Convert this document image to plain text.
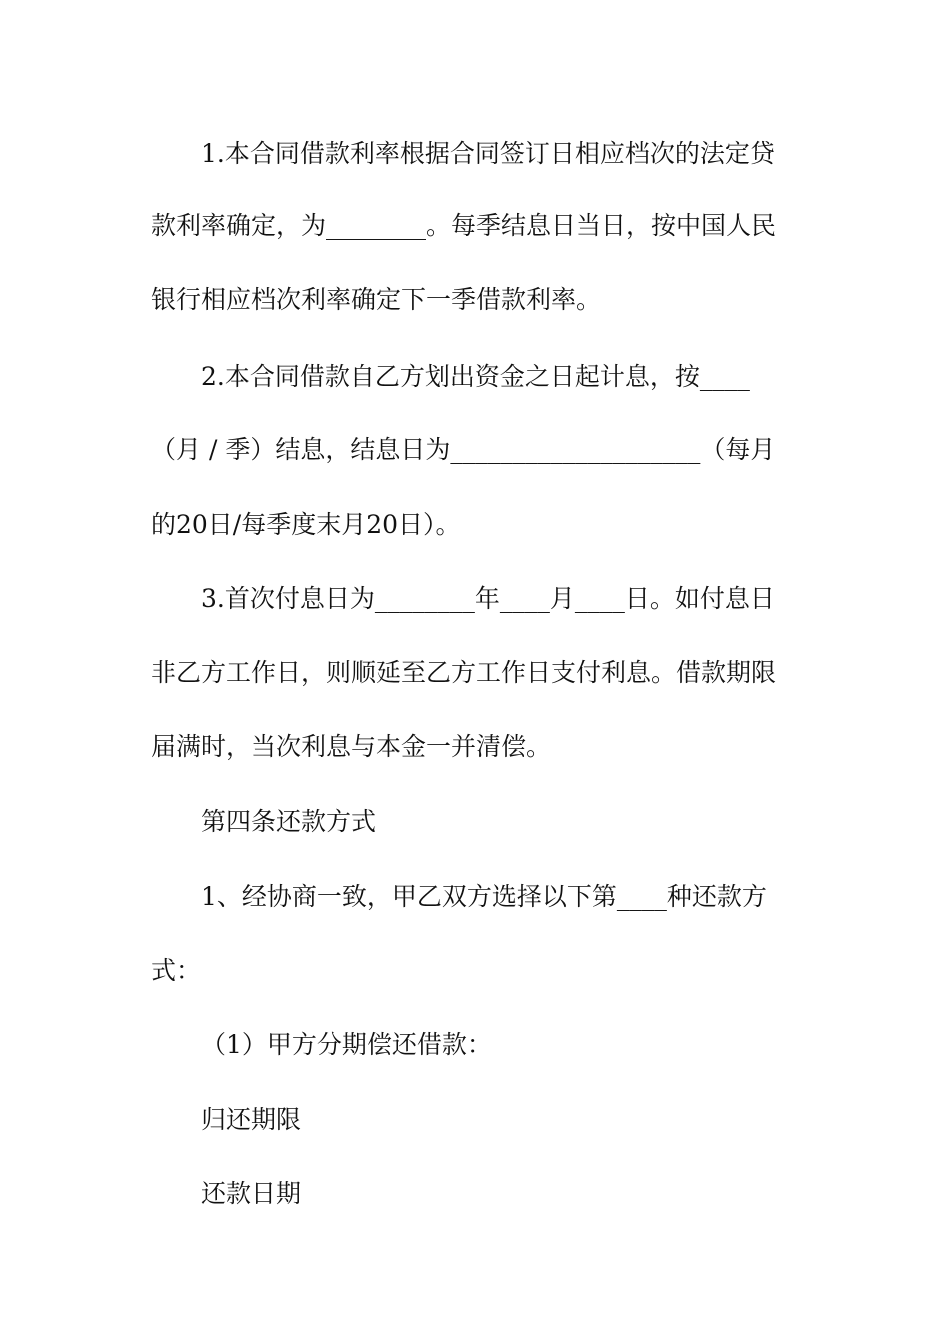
1.本合同借款利率根据合同签订日相应档次的法定贷
款利率确定，为________。每季结息日当日，按中国人民
银行相应档次利率确定下一季借款利率。
2.本合同借款自乙方划出资金之日起计息，按____
（月 / 季）结息，结息日为____________________（每月
的20日/每季度末月20日）。
3.首次付息日为________年____月____日。如付息日
非乙方工作日，则顺延至乙方工作日支付利息。借款期限
届满时，当次利息与本金一并清偿。
第四条还款方式
1、经协商一致，甲乙双方选择以下第____种还款方
式：
（1）甲方分期偿还借款：
归还期限
还款日期
